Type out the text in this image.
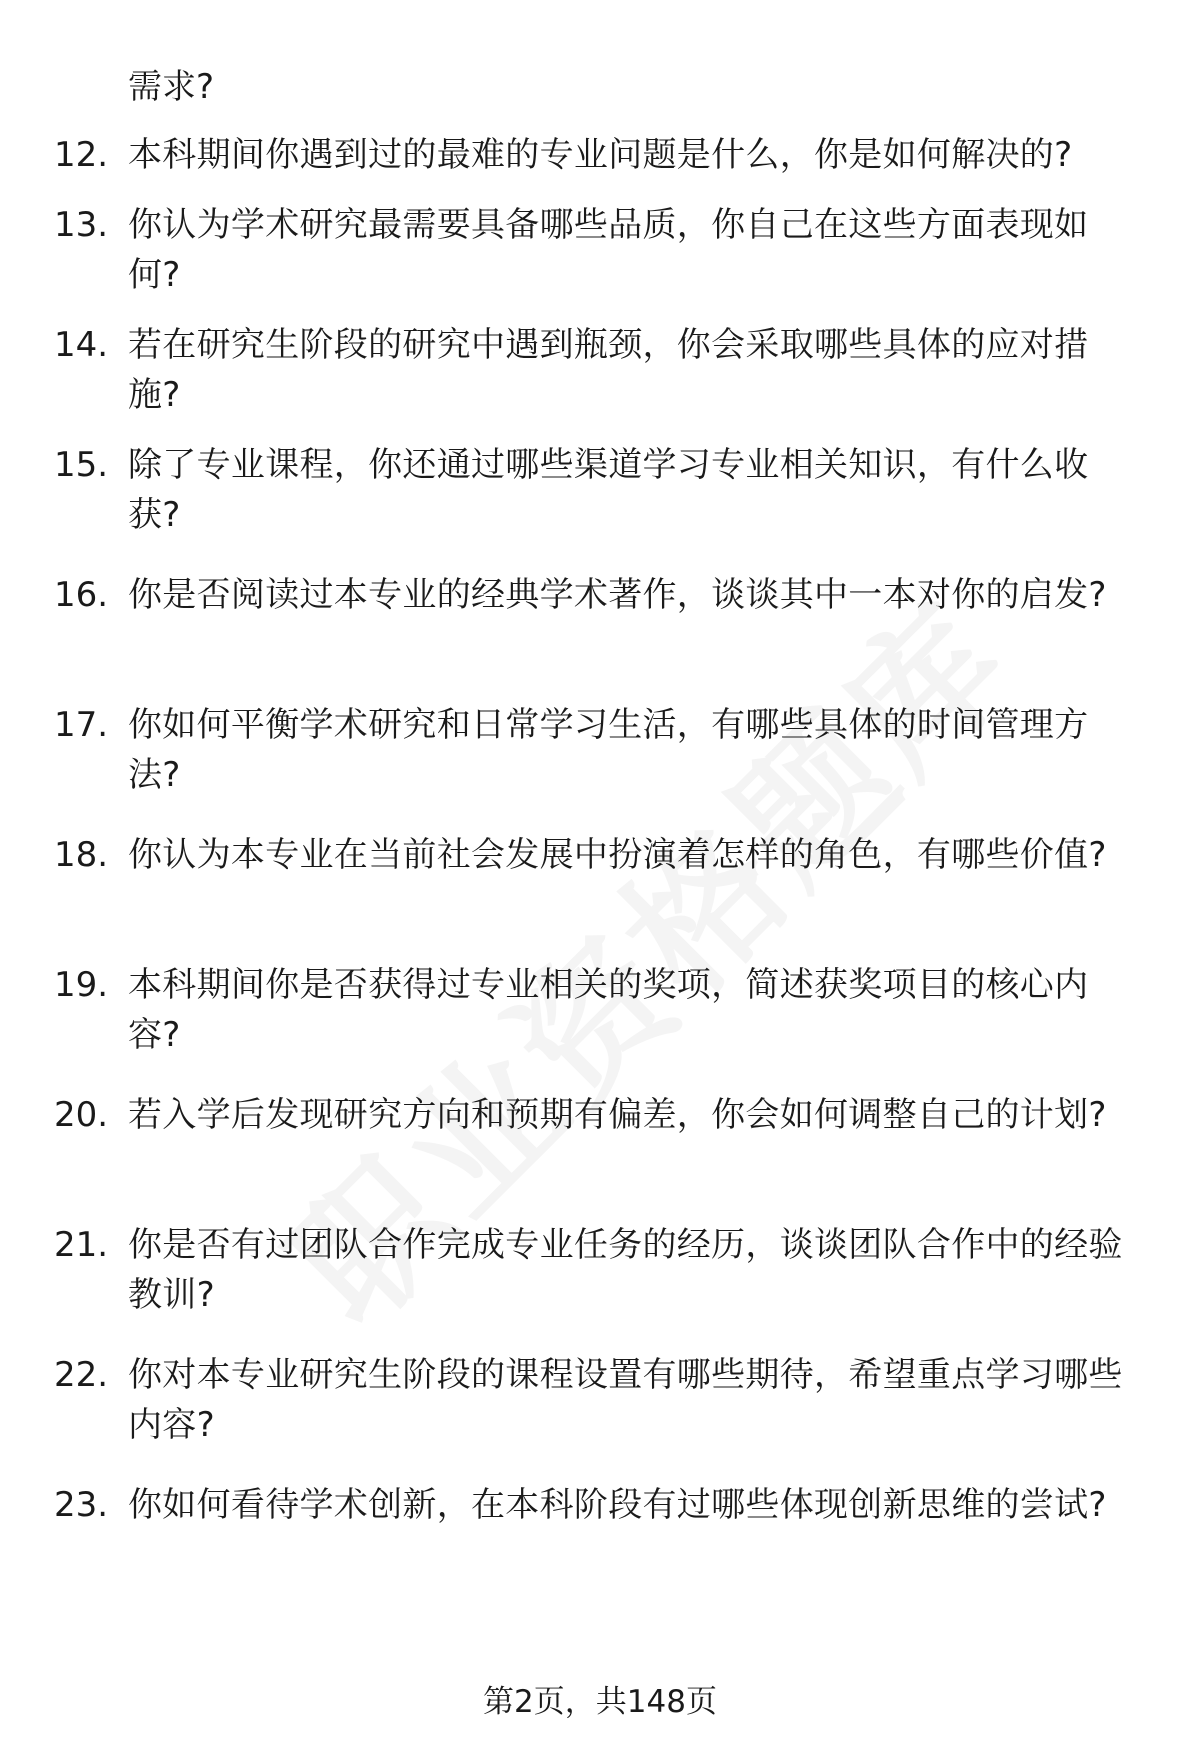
需求?
12. 本科期间你遇到过的最难的专业问题是什么，你是如何解决的?
13. 你认为学术研究最需要具备哪些品质，你自己在这些方面表现如何?
14. 若在研究生阶段的研究中遇到瓶颈，你会采取哪些具体的应对措施?
15. 除了专业课程，你还通过哪些渠道学习专业相关知识，有什么收获?
16. 你是否阅读过本专业的经典学术著作，谈谈其中一本对你的启发?
17. 你如何平衡学术研究和日常学习生活，有哪些具体的时间管理方法?
18. 你认为本专业在当前社会发展中扮演着怎样的角色，有哪些价值?
19. 本科期间你是否获得过专业相关的奖项，简述获奖项目的核心内容?
20. 若入学后发现研究方向和预期有偏差，你会如何调整自己的计划?
21. 你是否有过团队合作完成专业任务的经历，谈谈团队合作中的经验教训?
22. 你对本专业研究生阶段的课程设置有哪些期待，希望重点学习哪些内容?
23. 你如何看待学术创新，在本科阶段有过哪些体现创新思维的尝试?
第2页，共148页
